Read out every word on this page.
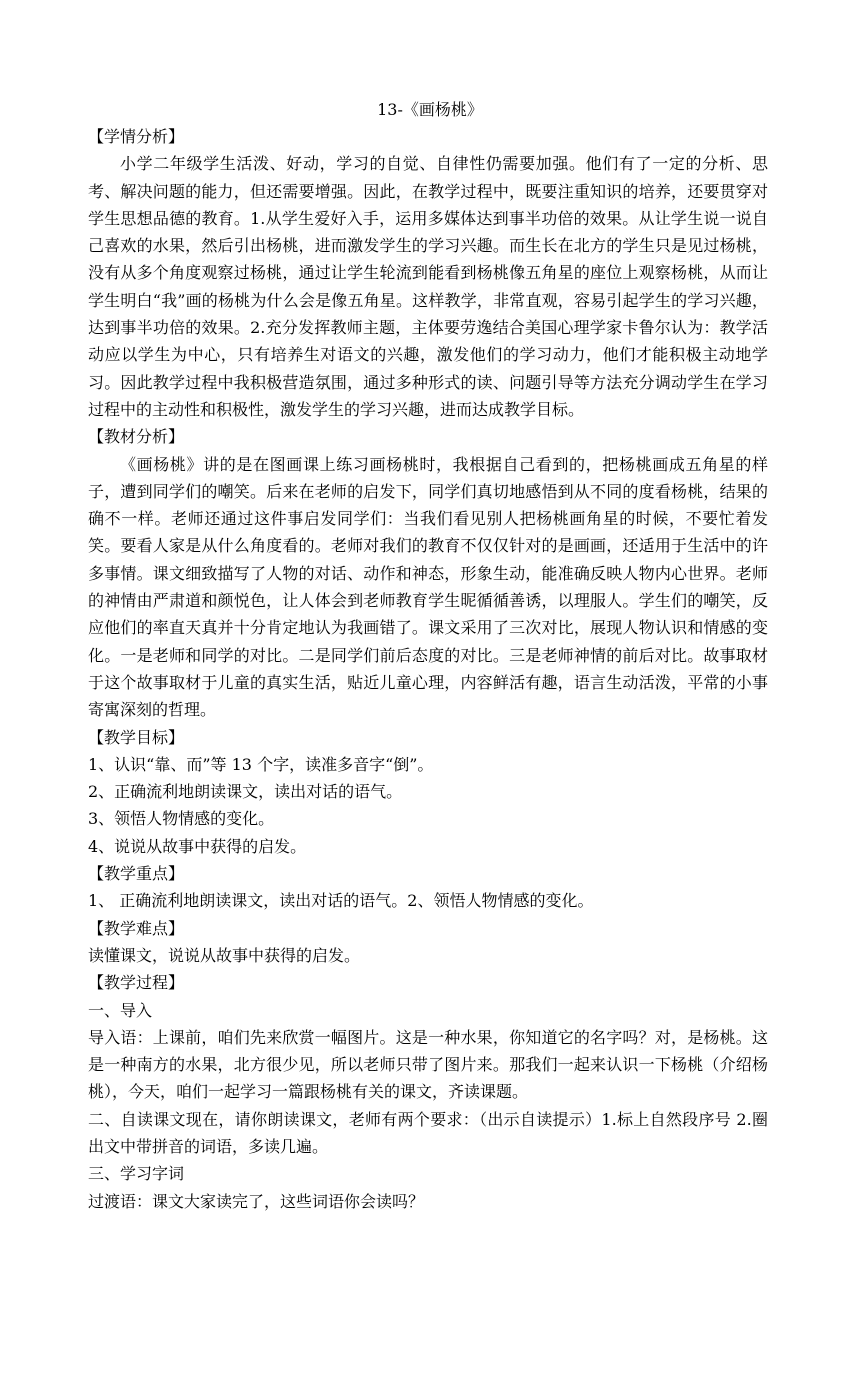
13-《画杨桃》

【学情分析】

小学二年级学生活泼、好动，学习的自觉、自律性仍需要加强。他们有了一定的分析、思考、解决问题的能力，但还需要增强。因此，在教学过程中，既要注重知识的培养，还要贯穿对学生思想品德的教育。1.从学生爱好入手，运用多媒体达到事半功倍的效果。从让学生说一说自己喜欢的水果，然后引出杨桃，进而激发学生的学习兴趣。而生长在北方的学生只是见过杨桃，没有从多个角度观察过杨桃，通过让学生轮流到能看到杨桃像五角星的座位上观察杨桃，从而让学生明白“我”画的杨桃为什么会是像五角星。这样教学，非常直观，容易引起学生的学习兴趣，达到事半功倍的效果。2.充分发挥教师主题，主体要劳逸结合美国心理学家卡鲁尔认为：教学活动应以学生为中心，只有培养生对语文的兴趣，激发他们的学习动力，他们才能积极主动地学习。因此教学过程中我积极营造氛围，通过多种形式的读、问题引导等方法充分调动学生在学习过程中的主动性和积极性，激发学生的学习兴趣，进而达成教学目标。

【教材分析】

《画杨桃》讲的是在图画课上练习画杨桃时，我根据自己看到的，把杨桃画成五角星的样子，遭到同学们的嘲笑。后来在老师的启发下，同学们真切地感悟到从不同的度看杨桃，结果的确不一样。老师还通过这件事启发同学们：当我们看见别人把杨桃画角星的时候，不要忙着发笑。要看人家是从什么角度看的。老师对我们的教育不仅仅针对的是画画，还适用于生活中的许多事情。课文细致描写了人物的对话、动作和神态，形象生动，能准确反映人物内心世界。老师的神情由严肃道和颜悦色，让人体会到老师教育学生昵循循善诱，以理服人。学生们的嘲笑，反应他们的率直天真并十分肯定地认为我画错了。课文采用了三次对比，展现人物认识和情感的变化。一是老师和同学的对比。二是同学们前后态度的对比。三是老师神情的前后对比。故事取材于这个故事取材于儿童的真实生活，贴近儿童心理，内容鲜活有趣，语言生动活泼，平常的小事寄寓深刻的哲理。

【教学目标】

1、认识“靠、而”等 13 个字，读准多音字“倒”。

2、正确流利地朗读课文，读出对话的语气。

3、领悟人物情感的变化。

4、说说从故事中获得的启发。

【教学重点】

1、 正确流利地朗读课文，读出对话的语气。2、领悟人物情感的变化。

【教学难点】

读懂课文，说说从故事中获得的启发。

【教学过程】

一、导入

导入语：上课前，咱们先来欣赏一幅图片。这是一种水果，你知道它的名字吗？对，是杨桃。这是一种南方的水果，北方很少见，所以老师只带了图片来。那我们一起来认识一下杨桃（介绍杨桃），今天，咱们一起学习一篇跟杨桃有关的课文，齐读课题。

二、自读课文现在，请你朗读课文，老师有两个要求：（出示自读提示）1.标上自然段序号 2.圈出文中带拼音的词语，多读几遍。

三、学习字词

过渡语：课文大家读完了，这些词语你会读吗？
